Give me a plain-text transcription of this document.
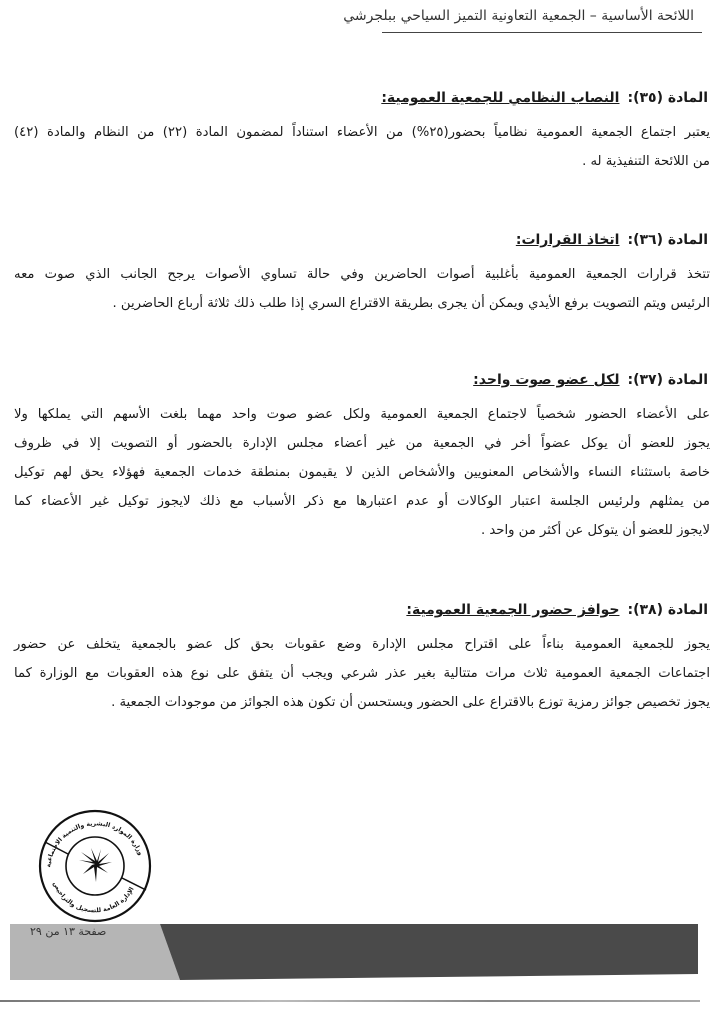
اللائحة الأساسية – الجمعية التعاونية التميز السياحي ببلجرشي
المادة (٣٥):النصاب النظامي للجمعية العمومية:
يعتبر اجتماع الجمعية العمومية نظامياً بحضور(٢٥%) من الأعضاء استناداً لمضمون المادة (٢٢) من النظام والمادة (٤٢)
من اللائحة التنفيذية له .
المادة (٣٦):اتخاذ القرارات:
تتخذ قرارات الجمعية العمومية بأغلبية أصوات الحاضرين وفي حالة تساوي الأصوات يرجح الجانب الذي صوت معه
الرئيس ويتم التصويت برفع الأيدي ويمكن أن يجرى بطريقة الاقتراع السري إذا طلب ذلك ثلاثة أرباع الحاضرين .
المادة (٣٧):لكل عضو صوت واحد:
على الأعضاء الحضور شخصياً لاجتماع الجمعية العمومية ولكل عضو صوت واحد مهما بلغت الأسهم التي يملكها ولا
يجوز للعضو أن يوكل عضواً أخر في الجمعية من غير أعضاء مجلس الإدارة بالحضور أو التصويت إلا في ظروف
خاصة باستثناء النساء والأشخاص المعنويين والأشخاص الذين لا يقيمون بمنطقة خدمات الجمعية فهؤلاء يحق لهم توكيل
من يمثلهم ولرئيس الجلسة اعتبار الوكالات أو عدم اعتبارها مع ذكر الأسباب مع ذلك لايجوز توكيل غير الأعضاء كما
لايجوز للعضو أن يتوكل عن أكثر من واحد .
المادة (٣٨):حوافز حضور الجمعية العمومية:
يجوز للجمعية العمومية بناءاً على اقتراح مجلس الإدارة وضع عقوبات بحق كل عضو بالجمعية يتخلف عن حضور
اجتماعات الجمعية العمومية ثلاث مرات متتالية بغير عذر شرعي ويجب أن يتفق على نوع هذه العقوبات مع الوزارة كما
يجوز تخصيص جوائز رمزية توزع بالاقتراع على الحضور ويستحسن أن تكون هذه الجوائز من موجودات الجمعية .
وزارة الموارد البشرية والتنمية الاجتماعية
الإدارة العامة للتسجيل والتراخيص
صفحة ١٣ من ٢٩
